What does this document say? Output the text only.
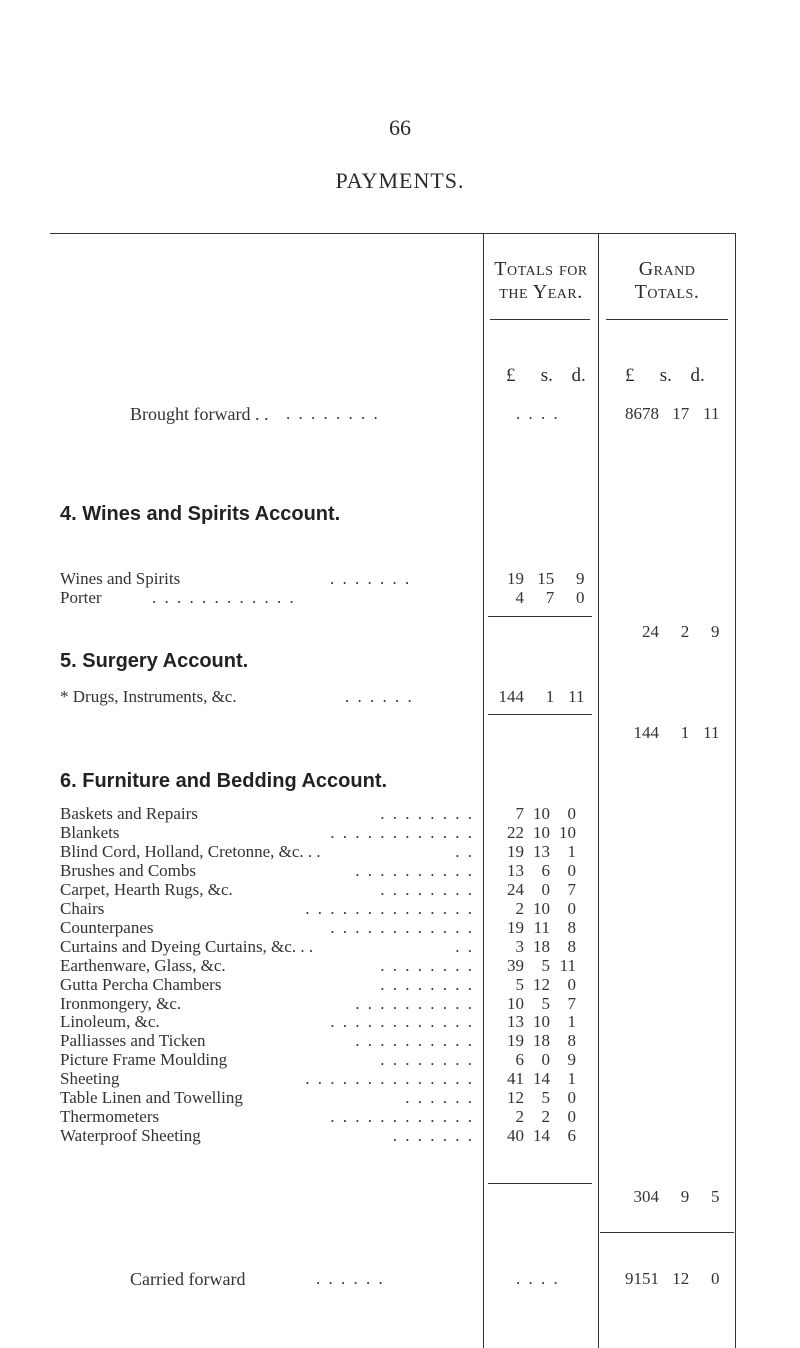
66
PAYMENTS.
Totals for
the Year.
Grand
Totals.
£ s. d. £ s. d.
Brought forward . . . . . . . . . .	. . . .	8678 17 11
4. Wines and Spirits Account.
Wines and Spirits	. . . . . . .	19 15 9
Porter	. . . . . . . . . . . .	4 7 0
24 2 9
5. Surgery Account.
* Drugs, Instruments, &c.	. . . . . .	144 1 11
144 1 11
6. Furniture and Bedding Account.
Baskets and Repairs	. . . . . . . .	7 10 0
Blankets	. . . . . . . . . . . .	22 10 10
Blind Cord, Holland, Cretonne, &c. . .	. .	19 13 1
Brushes and Combs	. . . . . . . . . .	13 6 0
Carpet, Hearth Rugs, &c.	. . . . . . . .	24 0 7
Chairs	. . . . . . . . . . . . . .	2 10 0
Counterpanes	. . . . . . . . . . . .	19 11 8
Curtains and Dyeing Curtains, &c. . .	. .	3 18 8
Earthenware, Glass, &c.	. . . . . . . .	39 5 11
Gutta Percha Chambers	. . . . . . . .	5 12 0
Ironmongery, &c.	. . . . . . . . . .	10 5 7
Linoleum, &c.	. . . . . . . . . . . .	13 10 1
Palliasses and Ticken	. . . . . . . . . .	19 18 8
Picture Frame Moulding	. . . . . . . .	6 0 9
Sheeting	. . . . . . . . . . . . . .	41 14 1
Table Linen and Towelling	. . . . . .	12 5 0
Thermometers	. . . . . . . . . . . .	2 2 0
Waterproof Sheeting	. . . . . . .	40 14 6
304 9 5
Carried forward	. . . . . .	. . . .	9151 12 0
